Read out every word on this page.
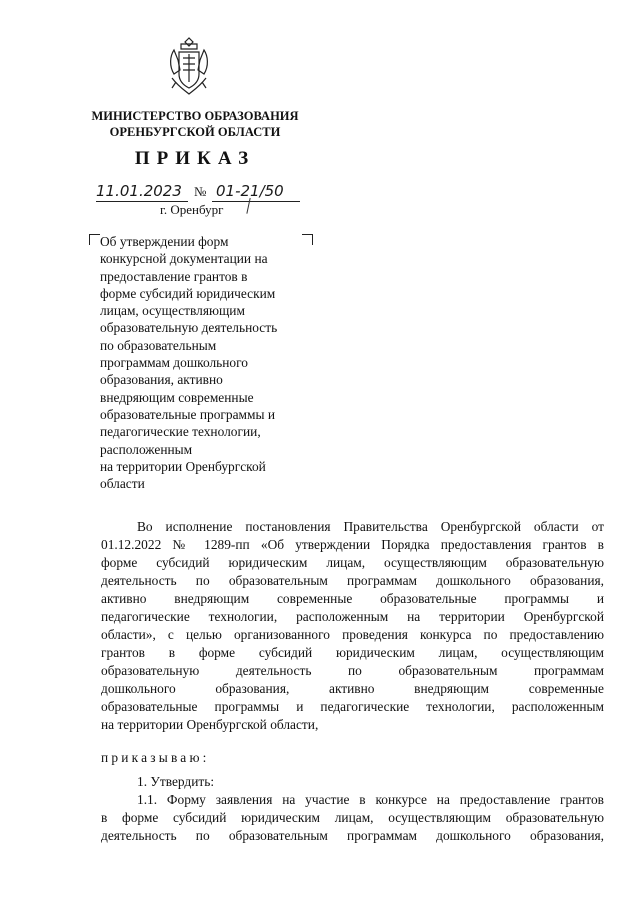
МИНИСТЕРСТВО ОБРАЗОВАНИЯ
ОРЕНБУРГСКОЙ ОБЛАСТИ
ПРИКАЗ
11.01.2023 № 01-21/50
г. Оренбург
Об утверждении форм
конкурсной документации на
предоставление грантов в
форме субсидий юридическим
лицам, осуществляющим
образовательную деятельность
по образовательным
программам дошкольного
образования, активно
внедряющим современные
образовательные программы и
педагогические технологии,
расположенным
на территории Оренбургской
области
Во исполнение постановления Правительства Оренбургской области от
01.12.2022 № 1289-пп «Об утверждении Порядка предоставления грантов в
форме субсидий юридическим лицам, осуществляющим образовательную
деятельность по образовательным программам дошкольного образования,
активно внедряющим современные образовательные программы и
педагогические технологии, расположенным на территории Оренбургской
области», с целью организованного проведения конкурса по предоставлению
грантов в форме субсидий юридическим лицам, осуществляющим
образовательную деятельность по образовательным программам
дошкольного образования, активно внедряющим современные
образовательные программы и педагогические технологии, расположенным
на территории Оренбургской области,
приказываю:
1. Утвердить:
1.1. Форму заявления на участие в конкурсе на предоставление грантов
в форме субсидий юридическим лицам, осуществляющим образовательную
деятельность по образовательным программам дошкольного образования,
